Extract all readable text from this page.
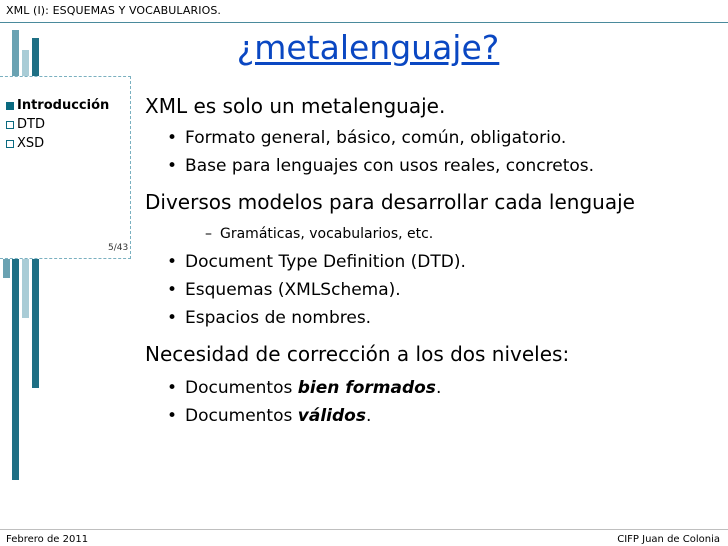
XML (I): ESQUEMAS Y VOCABULARIOS.
¿metalenguaje?
Introducción
DTD
XSD
5/43
XML es solo un metalenguaje.
• Formato general, básico, común, obligatorio.
• Base para lenguajes con usos reales, concretos.
Diversos modelos para desarrollar cada lenguaje
– Gramáticas, vocabularios, etc.
• Document Type Definition (DTD).
• Esquemas (XMLSchema).
• Espacios de nombres.
Necesidad de corrección a los dos niveles:
• Documentos bien formados.
• Documentos válidos.
Febrero de 2011	CIFP Juan de Colonia
